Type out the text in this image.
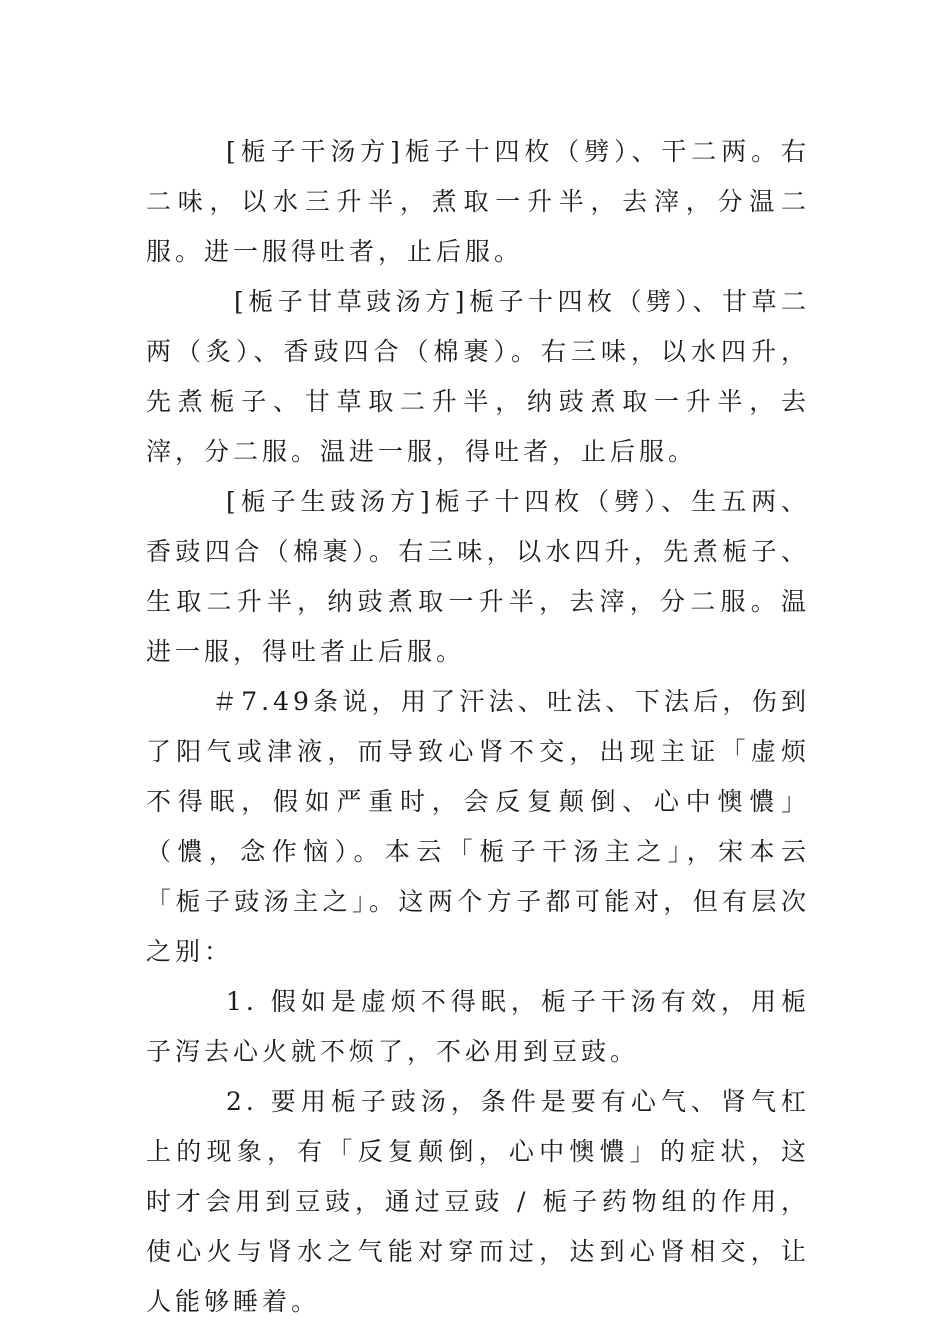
[栀子干汤方]栀子十四枚（劈）、干二两。右二味，以水三升半，煮取一升半，去滓，分温二服。进一服得吐者，止后服。

[栀子甘草豉汤方]栀子十四枚（劈）、甘草二两（炙）、香豉四合（棉裹）。右三味，以水四升，先煮栀子、甘草取二升半，纳豉煮取一升半，去滓，分二服。温进一服，得吐者，止后服。

[栀子生豉汤方]栀子十四枚（劈）、生五两、香豉四合（棉裹）。右三味，以水四升，先煮栀子、生取二升半，纳豉煮取一升半，去滓，分二服。温进一服，得吐者止后服。

＃7.49条说，用了汗法、吐法、下法后，伤到了阳气或津液，而导致心肾不交，出现主证「虚烦不得眠，假如严重时，会反复颠倒、心中懊憹」（憹，念作恼）。本云「栀子干汤主之」，宋本云「栀子豉汤主之」。这两个方子都可能对，但有层次之别：

1. 假如是虚烦不得眠，栀子干汤有效，用栀子泻去心火就不烦了，不必用到豆豉。

2. 要用栀子豉汤，条件是要有心气、肾气杠上的现象，有「反复颠倒，心中懊憹」的症状，这时才会用到豆豉，通过豆豉 / 栀子药物组的作用，使心火与肾水之气能对穿而过，达到心肾相交，让人能够睡着。
